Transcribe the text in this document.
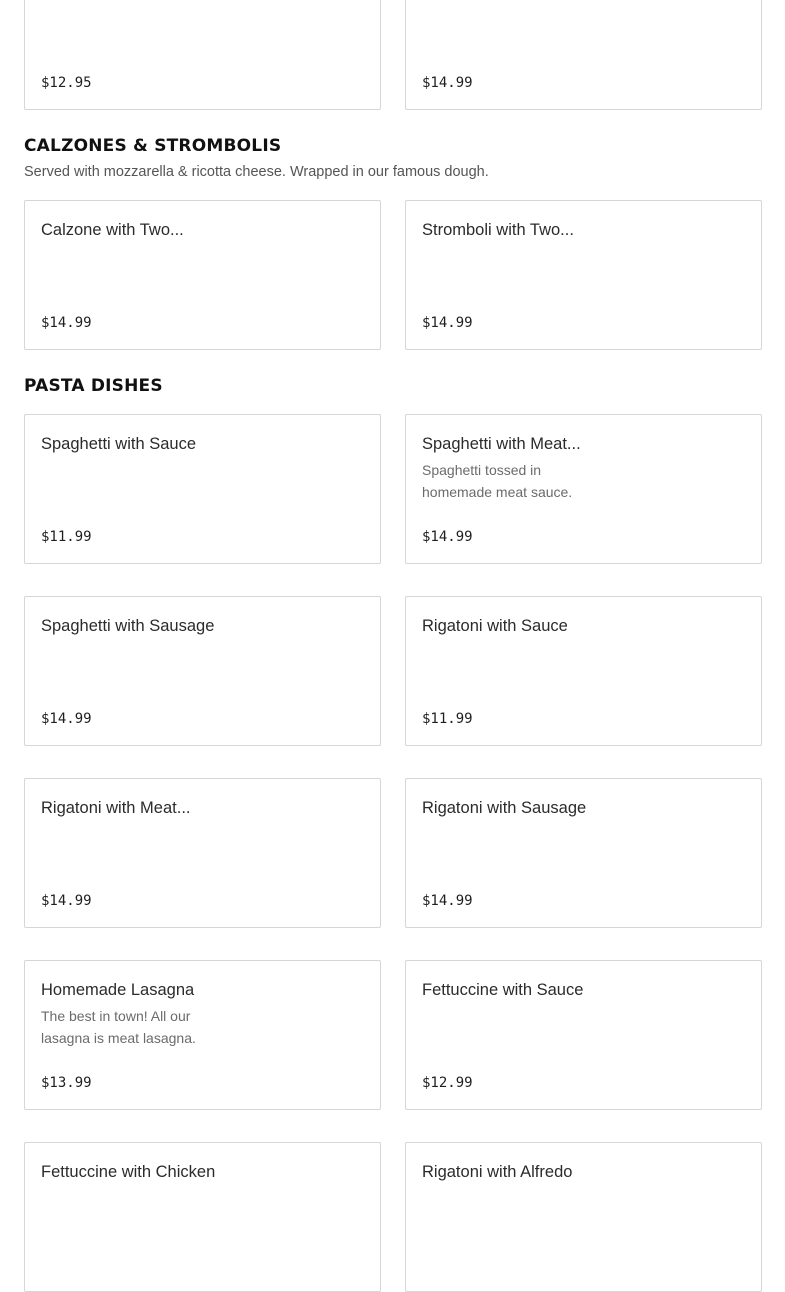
$12.95	$14.99
CALZONES & STROMBOLIS

Served with mozzarella & ricotta cheese. Wrapped in our famous dough.

Calzone with Two...
$14.99
Stromboli with Two...
$14.99
PASTA DISHES
Spaghetti with Sauce
$11.99
Spaghetti with Meat...
Spaghetti tossed in homemade meat sauce.
$14.99
Spaghetti with Sausage
$14.99
Rigatoni with Sauce
$11.99
Rigatoni with Meat...
$14.99
Rigatoni with Sausage
$14.99
Homemade Lasagna
The best in town! All our lasagna is meat lasagna.
$13.99
Fettuccine with Sauce
$12.99
Fettuccine with Chicken	Rigatoni with Alfredo
